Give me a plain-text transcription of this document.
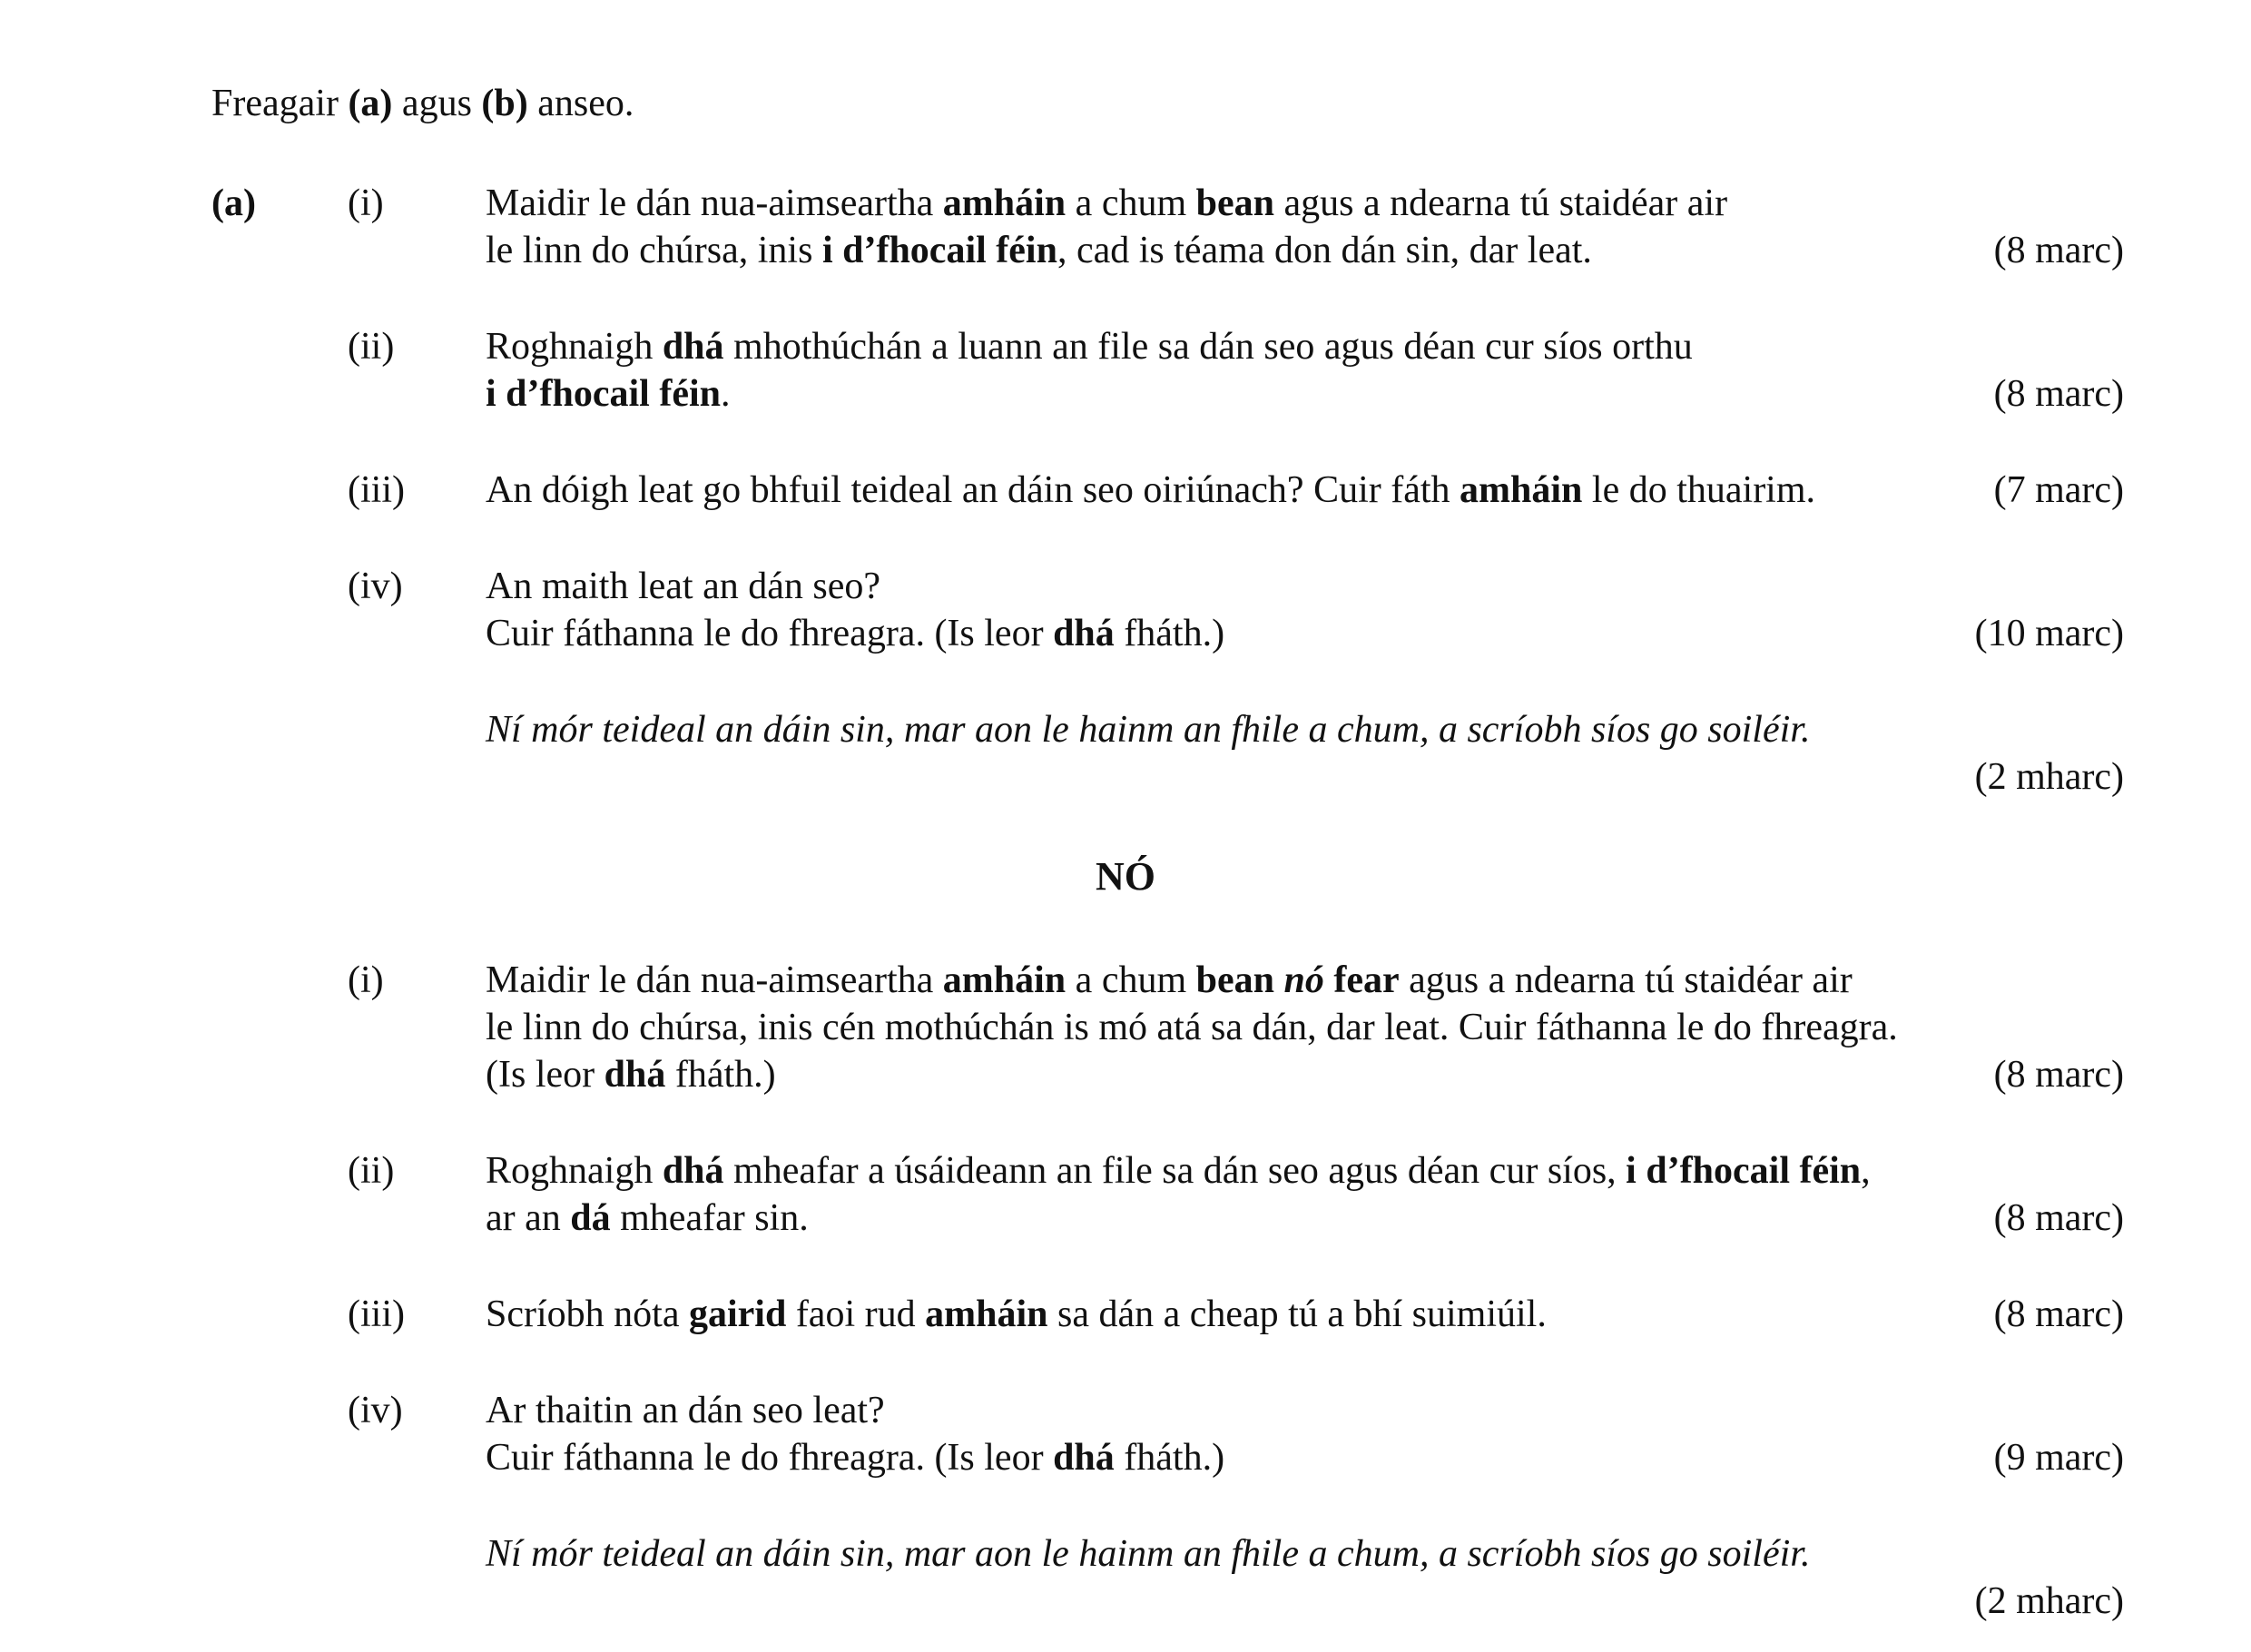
Freagair (a) agus (b) anseo.
(a) (i)	Maidir le dán nua-aimseartha amháin a chum bean agus a ndearna tú staidéar air
le linn do chúrsa, inis i d’fhocail féin, cad is téama don dán sin, dar leat.	(8 marc)
(ii) Roghnaigh dhá mhothúchán a luann an file sa dán seo agus déan cur síos orthu
i d’fhocail féin.	(8 marc)
(iii) An dóigh leat go bhfuil teideal an dáin seo oiriúnach? Cuir fáth amháin le do thuairim.	(7 marc)
(iv) An maith leat an dán seo?
Cuir fáthanna le do fhreagra. (Is leor dhá fháth.)	(10 marc)
Ní mór teideal an dáin sin, mar aon le hainm an fhile a chum, a scríobh síos go soiléir.
(2 mharc)
NÓ
(i)	Maidir le dán nua-aimseartha amháin a chum bean nó fear agus a ndearna tú staidéar air
le linn do chúrsa, inis cén mothúchán is mó atá sa dán, dar leat. Cuir fáthanna le do fhreagra.
(Is leor dhá fháth.)	(8 marc)
(ii) Roghnaigh dhá mheafar a úsáideann an file sa dán seo agus déan cur síos, i d’fhocail féin,
ar an dá mheafar sin.	(8 marc)
(iii) Scríobh nóta gairid faoi rud amháin sa dán a cheap tú a bhí suimiúil.	(8 marc)
(iv) Ar thaitin an dán seo leat?
Cuir fáthanna le do fhreagra. (Is leor dhá fháth.)	(9 marc)
Ní mór teideal an dáin sin, mar aon le hainm an fhile a chum, a scríobh síos go soiléir.
(2 mharc)
